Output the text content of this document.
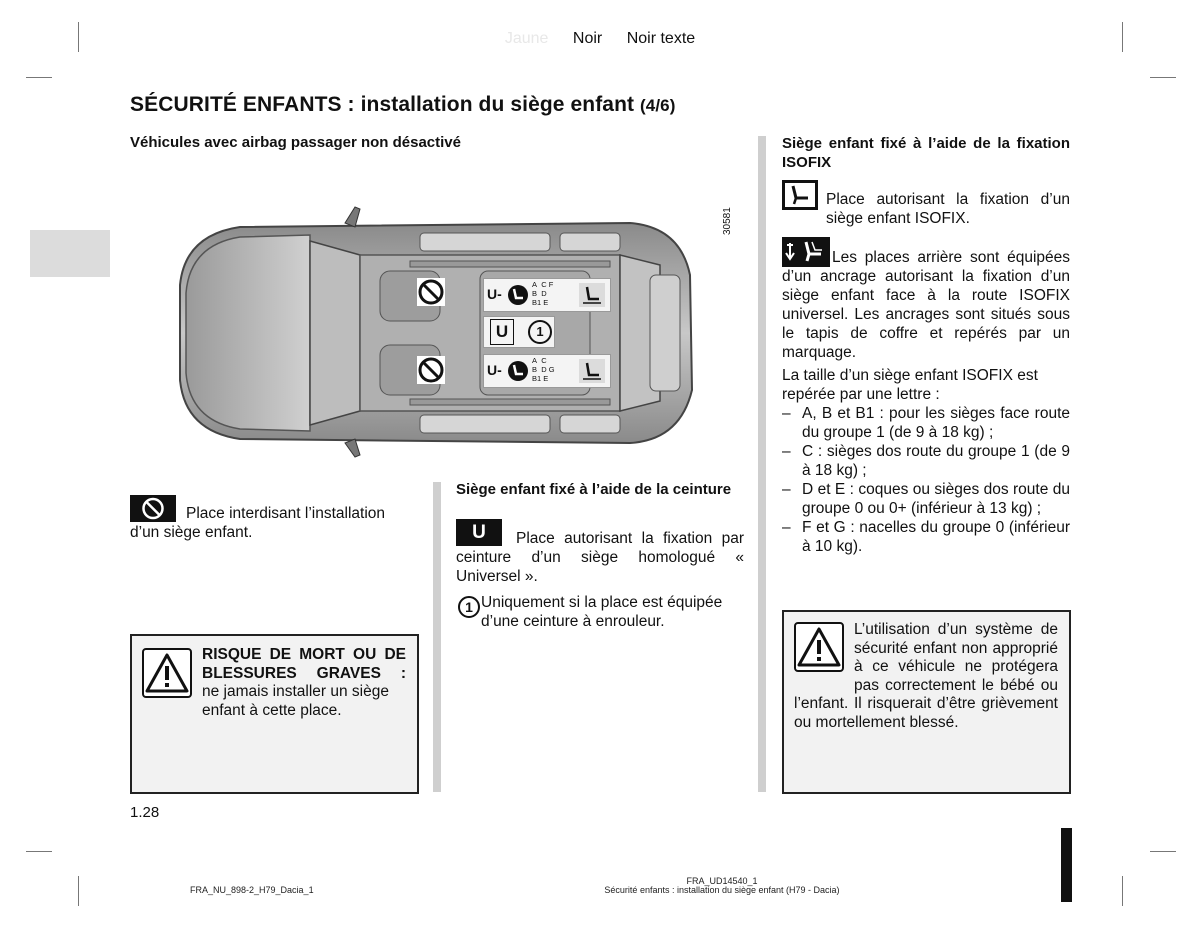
Jaune Noir Noir texte
SÉCURITÉ ENFANTS : installation du siège enfant (4/6)
Véhicules avec airbag passager non désactivé
30581
U-
A C F
B D
B1 E
U	1
U-
A C
B D G
B1 E
Place interdisant l’installation d’un siège enfant.
RISQUE DE MORT OU DE BLESSURES GRAVES :
ne jamais installer un siège enfant à cette place.
1.28
Siège enfant fixé à l’aide de la ceinture
U	Place autorisant la fixation par ceinture d’un siège homologué « Universel ».
1 Uniquement si la place est équipée d’une ceinture à enrouleur.
Siège enfant fixé à l’aide de la fixation ISOFIX
Place autorisant la fixation d’un siège enfant ISOFIX.
Les places arrière sont équipées d’un ancrage autorisant la fixation d’un siège enfant face à la route ISOFIX universel. Les ancrages sont situés sous le tapis de coffre et repérés par un marquage.
La taille d’un siège enfant ISOFIX est repérée par une lettre :
– A, B et B1 : pour les sièges face route du groupe 1 (de 9 à 18 kg) ;
– C : sièges dos route du groupe 1 (de 9 à 18 kg) ;
– D et E : coques ou sièges dos route du groupe 0 ou 0+ (inférieur à 13 kg) ;
– F et G : nacelles du groupe 0 (inférieur à 10 kg).
L’utilisation d’un système de sécurité enfant non approprié à ce véhicule ne protégera pas correctement le bébé ou l’enfant. Il risquerait d’être grièvement ou mortellement blessé.
FRA_NU_898-2_H79_Dacia_1
FRA_UD14540_1
Sécurité enfants : installation du siège enfant (H79 - Dacia)
